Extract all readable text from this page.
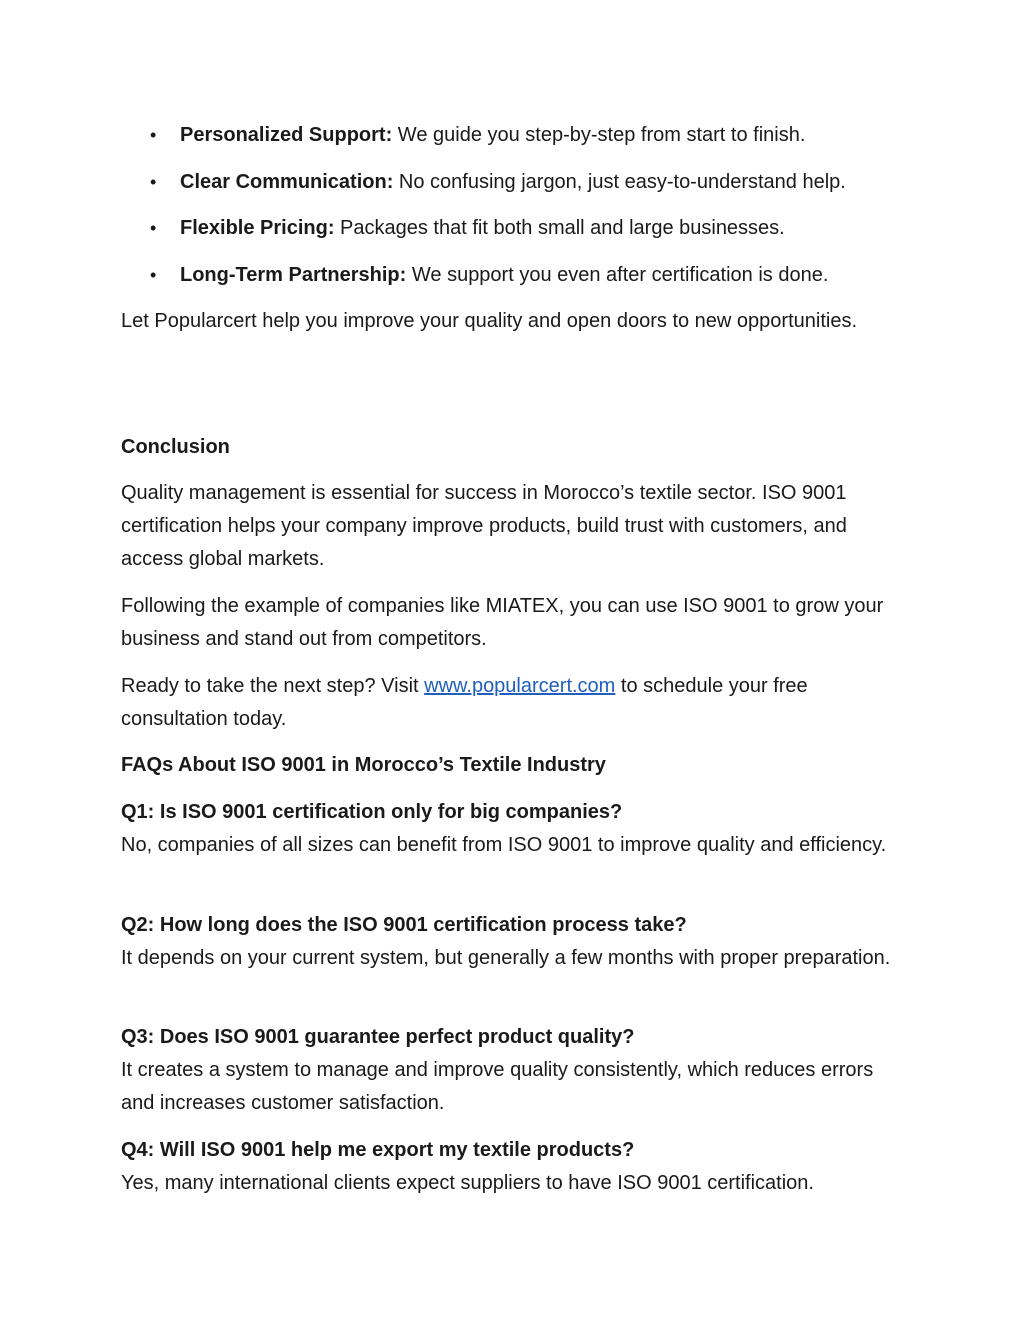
• Personalized Support: We guide you step-by-step from start to finish.
• Clear Communication: No confusing jargon, just easy-to-understand help.
• Flexible Pricing: Packages that fit both small and large businesses.
• Long-Term Partnership: We support you even after certification is done.
Let Popularcert help you improve your quality and open doors to new opportunities.
Conclusion
Quality management is essential for success in Morocco’s textile sector. ISO 9001 certification helps your company improve products, build trust with customers, and access global markets.
Following the example of companies like MIATEX, you can use ISO 9001 to grow your business and stand out from competitors.
Ready to take the next step? Visit www.popularcert.com to schedule your free consultation today.
FAQs About ISO 9001 in Morocco’s Textile Industry
Q1: Is ISO 9001 certification only for big companies?
No, companies of all sizes can benefit from ISO 9001 to improve quality and efficiency.
Q2: How long does the ISO 9001 certification process take?
It depends on your current system, but generally a few months with proper preparation.
Q3: Does ISO 9001 guarantee perfect product quality?
It creates a system to manage and improve quality consistently, which reduces errors and increases customer satisfaction.
Q4: Will ISO 9001 help me export my textile products?
Yes, many international clients expect suppliers to have ISO 9001 certification.
